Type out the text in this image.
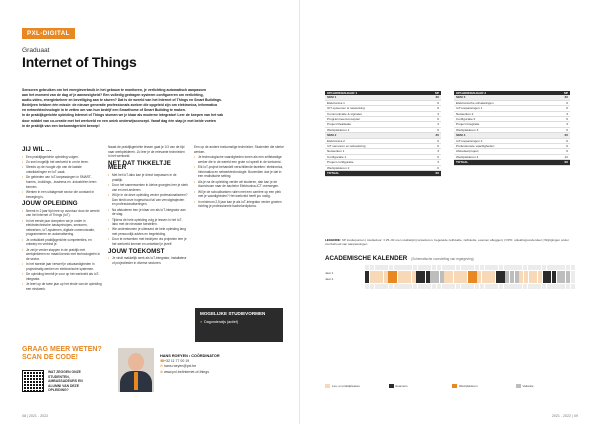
PXL-DIGITAL
Graduaat
Internet of Things

Sensoren gebruiken om het energieverbruik in het gebouw te monitoren, je verlichting automatisch aanpassen

aan het moment van de dag of je aanwezigheid? Een volledig gedragen systeem configureren om verlichting,

audio-video, energiebeheer en beveiliging aan te sturen? Dat is de wereld van het Internet of Things en Smart Buildings.

Bedrijven hebben één missie: de nieuwe generatie professionals zoeken die opgeleid zijn om elektronica, informatica

en netwerktechnologie in te zetten om van hun bedrijf een Smarthome of Smart Building te maken.

In de praktijkgerichte opleiding Internet of Things stomen we je klaar als moderne integrator! Leer de knepen van het vak

door middel van co-creatie met het werkveld en een uniek onderwijsconcept. Vanaf dag één stap je met beide voeten

in de praktijk van een toekomstgericht beroep!

JIJ WIL ...
• Een praktijkgerichte opleiding volgen.
• Zo snel mogelijk het werkveld in om te leren.
• Steeds op de hoogte zijn van de laatste ontwikkelingen en IoT-vaak.
• De gebieden van IoT-toepassingen in SMART-homes, -buildings, -business en -industriëen leren kennen.
• Werken in een uitdagende sector die constant in beweging is.
JOUW OPLEIDING
• Neemt in 2 jaar tijd mee op avontuur door de wereld van het Internet of Things (IoT).
• In het eerste jaar dompelen we je onder in elektrotechnische basisprincipes, sensoren, netwerken, IoT-systemen, digitale communicatie, programmeren en automatisering.
• Je ontwikkelt praktijkgerichte competenties, en ontwerp en verbind je.
• Je zet je verder stappen in de praktijk met werkplekleren en maakt kennis met technologieën in de sector.
• In het tweede jaar verwerf je vakvaardigheden in projectmatig werken en elektronische systemen.
• De opleiding bereidt je voor op het werkveld als IoT-integrator.
• Je leert op de twee jaar op het einde van de opleiding een eindwerk.

Naast de praktijkgerichte lessen gaat je 1/3 van de tijd naar werkplekleren. Zo leer je de relevante technieken in het werkveld.

NET DAT TIKKELTJE MEER
• Met het IoT-labo kan je direct toepassen in de praktijk.
• Door het samenwerken in kleine groepjes leer je sterk van en met anderen.
• Wil je in de deze opleiding verder professionaliseren? Dan biedt onze hogeschool tal van vervolgtrajecten en professionaliseringen.
• Na afstuderen ben je klaar om als IoT-integrator aan de slag.
• Tijdens de hele opleiding volg je lessen in het IoT-labo met de nieuwste toestellen.
• We ondersteunen je uiteraard de hele opleiding lang met persoonlijk advies en begeleiding.
• Door te netwerken met bedrijven via projecten leer je het werkveld kennen en ontwikkel je jezelf.
JOUW TOEKOMST
• Je vindt makkelijk werk als IoT-integrator, installateur of projectleider in diverse sectoren.

Een op de andere toekomstige technieker. Studenten die sterke werken.

• Je technologische vaardigheden tonen als een zelfstandige werker die in de wereld een grote rol speelt in de toekomst.
• Elk IoT-project behandelt verschillende facetten: elektronica, informatica en netwerktechnologie. Bovendien doe je dat in een realistische setting.
• Als je na de opleiding verder wil studeren, dan kan je de doorstroom naar de bachelor Elektronica-ICT overwegen.
• Wil je de schoolbanken ruilen met een carrière op een plek met je vaardigheden? Het werkveld heeft jou nodig.
• In minimum 2,5 jaar kan je als IoT-integrator verder groeien richting je professionele bachelordiploma.
MOGELIJKE STUDIEVORMEN
● Dagonderwijs (actief)
GRAAG MEER WETEN?
SCAN DE CODE!
WAT ZEGGEN ONZE STUDENTEN, AMBASSADEURS EN ALUMNI VAN DEZE OPLEIDING?
HANS ROEYEN • COÖRDINATOR
☎+32 11 77 00 19
✉hans.roeyen@pxl.be
⊕www.pxl.be/internet-of-things
08 | 2021 - 2022
OPLEIDINGSJAAR 1	SP
SEM 1	30
Elektronica 1	6
ICT-systemen & netwerking	6
Communicatie & signalen	3
Programmeerconcepten	6
Project Realisatie	3
Werkplekleren 1	6
SEM 2	30
Elektronica 2	6
IoT sensoren en actuatoring	6
Netwerken 1	3
Configuratie 1	6
Project configuratie	3
Werkplekleren 2	6
TOTAAL	60
OPLEIDINGSJAAR 2	SP
SEM 3	30
Elektronische schakelingen	6
IoT-toepassingen 1	6
Netwerken 2	3
Configuratie 2	6
Project Integratie	3
Werkplekleren 3	6
SEM 4	30
IoT-toepassingen 2	6
Professionele vaardigheden	6
Afstudeerproject	6
Werkplekleren 4	12
TOTAAL	60
LEGENDE: SP studiepunten | studieduur: ± 25–30 uren studietijd (contacturen, begeleide zelfstudie, zelfstudie, examen afleggen) | OPO: opleidingsonderdeel | Wijzigingen onder voorbehoud van aanpassingen
ACADEMISCHE KALENDER (Schematische voorstelling van regelgeving)
Jaar 1
Jaar 2
Les- en praktijkweken	Examens	Werkplekleren	Vakantie
2021 - 2022 | 09
